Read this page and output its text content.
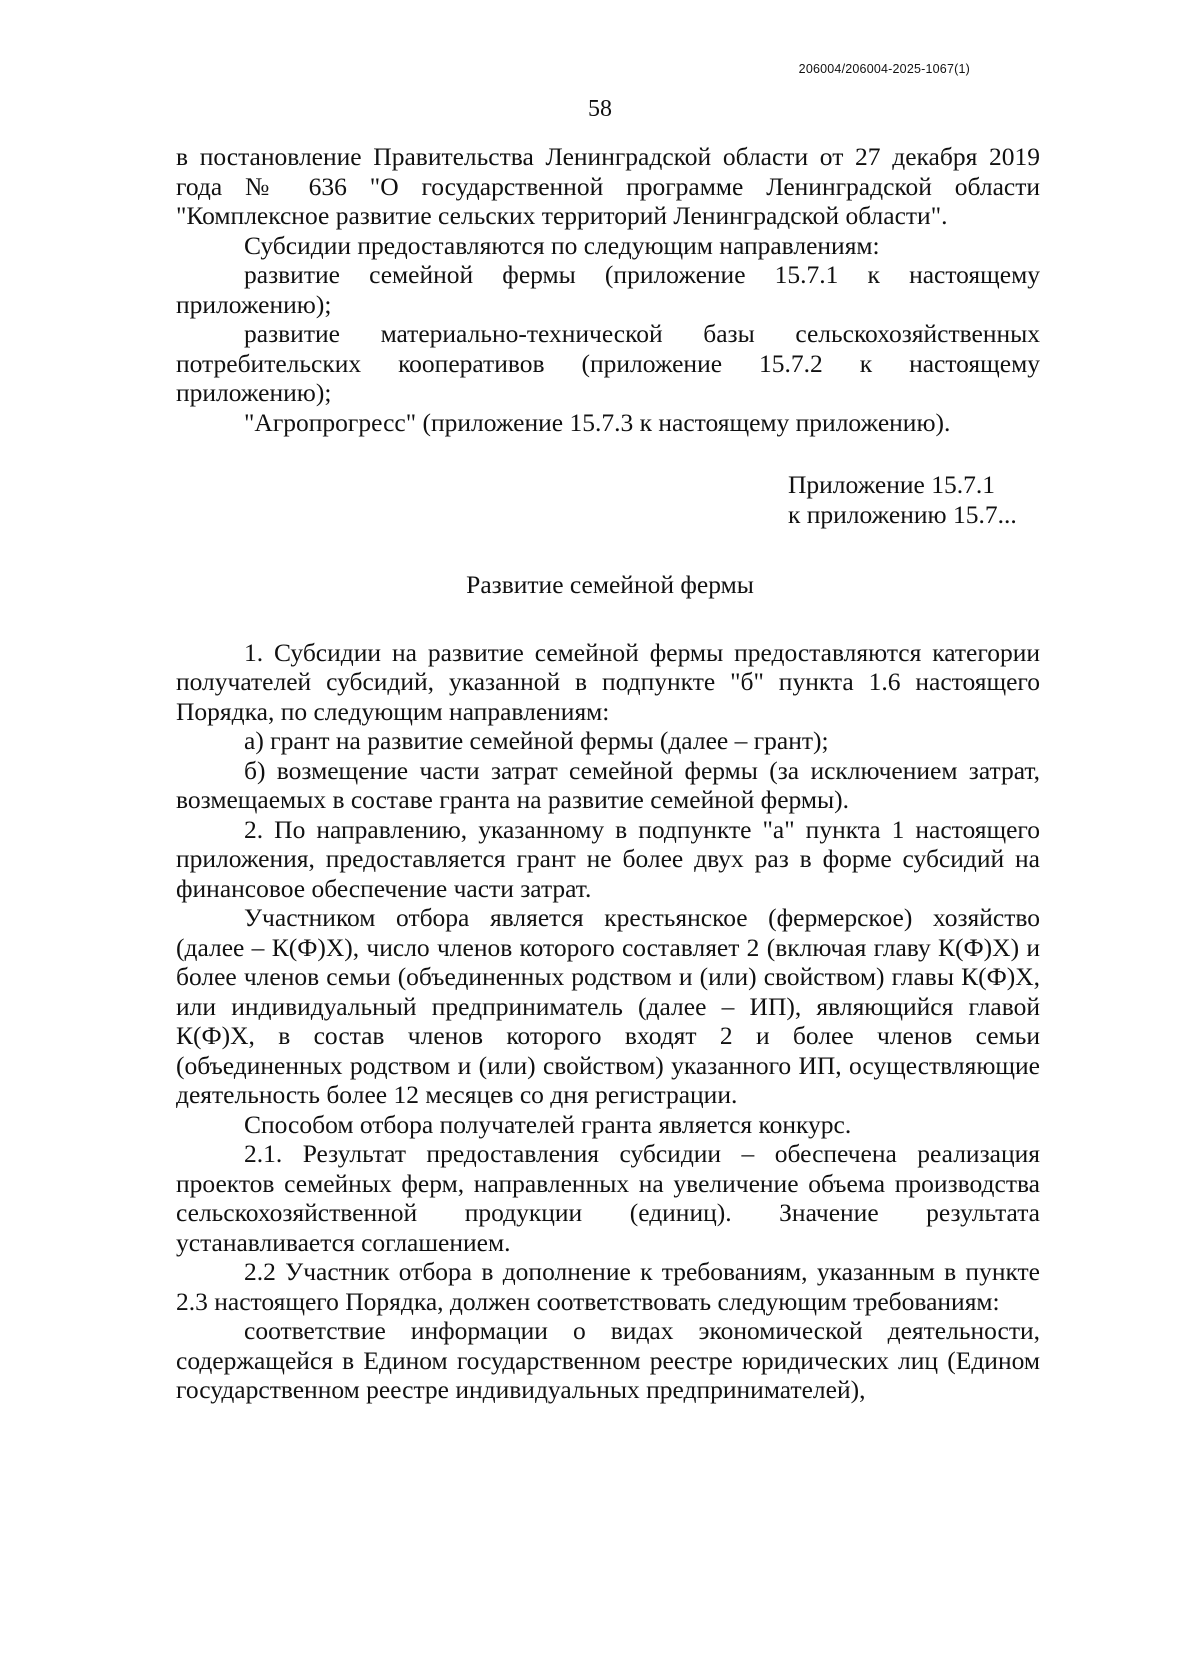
206004/206004-2025-1067(1)
58

в постановление Правительства Ленинградской области от 27 декабря 2019 года № 636 "О государственной программе Ленинградской области "Комплексное развитие сельских территорий Ленинградской области".

Субсидии предоставляются по следующим направлениям:

развитие семейной фермы (приложение 15.7.1 к настоящему приложению);

развитие материально-технической базы сельскохозяйственных потребительских кооперативов (приложение 15.7.2 к настоящему приложению);

"Агропрогресс" (приложение 15.7.3 к настоящему приложению).

Приложение 15.7.1
к приложению 15.7...

Развитие семейной фермы

1. Субсидии на развитие семейной фермы предоставляются категории получателей субсидий, указанной в подпункте "б" пункта 1.6 настоящего Порядка, по следующим направлениям:

а) грант на развитие семейной фермы (далее – грант);

б) возмещение части затрат семейной фермы (за исключением затрат, возмещаемых в составе гранта на развитие семейной фермы).

2. По направлению, указанному в подпункте "а" пункта 1 настоящего приложения, предоставляется грант не более двух раз в форме субсидий на финансовое обеспечение части затрат.

Участником отбора является крестьянское (фермерское) хозяйство (далее – К(Ф)Х), число членов которого составляет 2 (включая главу К(Ф)Х) и более членов семьи (объединенных родством и (или) свойством) главы К(Ф)Х, или индивидуальный предприниматель (далее – ИП), являющийся главой К(Ф)Х, в состав членов которого входят 2 и более членов семьи (объединенных родством и (или) свойством) указанного ИП, осуществляющие деятельность более 12 месяцев со дня регистрации.

Способом отбора получателей гранта является конкурс.

2.1. Результат предоставления субсидии – обеспечена реализация проектов семейных ферм, направленных на увеличение объема производства сельскохозяйственной продукции (единиц). Значение результата устанавливается соглашением.

2.2 Участник отбора в дополнение к требованиям, указанным в пункте 2.3 настоящего Порядка, должен соответствовать следующим требованиям:

соответствие информации о видах экономической деятельности, содержащейся в Едином государственном реестре юридических лиц (Едином государственном реестре индивидуальных предпринимателей),
